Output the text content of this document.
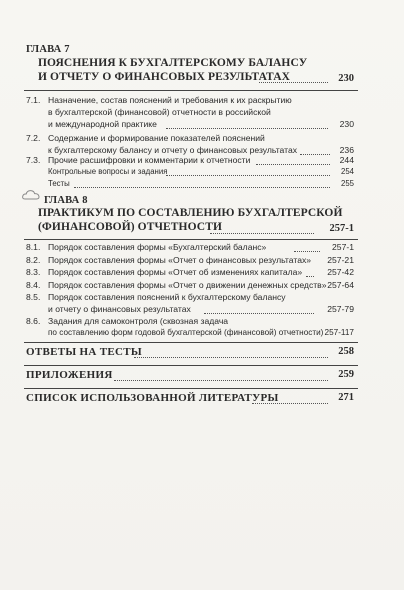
ГЛАВА 7
ПОЯСНЕНИЯ К БУХГАЛТЕРСКОМУ БАЛАНСУ
И ОТЧЕТУ О ФИНАНСОВЫХ РЕЗУЛЬТАТАХ	230
7.1. Назначение, состав пояснений и требования к их раскрытию
в бухгалтерской (финансовой) отчетности в российской
и международной практике	230
7.2. Содержание и формирование показателей пояснений
к бухгалтерскому балансу и отчету о финансовых результатах	236
7.3. Прочие расшифровки и комментарии к отчетности	244
Контрольные вопросы и задания	254
Тесты	255
ГЛАВА 8
ПРАКТИКУМ ПО СОСТАВЛЕНИЮ БУХГАЛТЕРСКОЙ
(ФИНАНСОВОЙ) ОТЧЕТНОСТИ	257-1
8.1. Порядок составления формы «Бухгалтерский баланс»	257-1
8.2. Порядок составления формы «Отчет о финансовых результатах» 257-21
8.3. Порядок составления формы «Отчет об изменениях капитала»	257-42
8.4. Порядок составления формы «Отчет о движении денежных средств» 257-64
8.5. Порядок составления пояснений к бухгалтерскому балансу
и отчету о финансовых результатах	257-79
8.6. Задания для самоконтроля (сквозная задача
по составлению форм годовой бухгалтерской (финансовой) отчетности) 257-117
ОТВЕТЫ НА ТЕСТЫ	258
ПРИЛОЖЕНИЯ	259
СПИСОК ИСПОЛЬЗОВАННОЙ ЛИТЕРАТУРЫ	271
